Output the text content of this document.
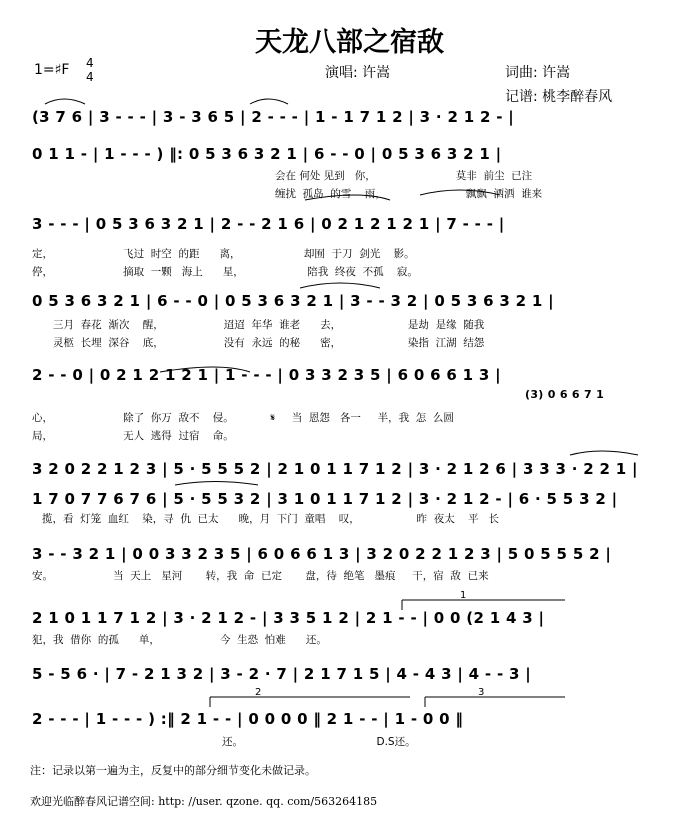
天龙八部之宿敌
1=♯F 4
4	演唱: 许嵩	词曲: 许嵩
记谱: 桃李醉春风
(3 7 6 | 3 - - - | 3 - 3 6 5 | 2 - - - | 1 - 1 7 1 2 | 3 · 2 1 2 - |
0 1 1 - | 1 - - - ) ‖: 0 5 3 6 3 2 1 | 6 - - 0 | 0 5 3 6 3 2 1 |
会在 何处 见到   你，                        莫非  前尘  已注
缠扰  孤岛  的雪    雨，                        飘飘  洒洒  谁来
3 - - - | 0 5 3 6 3 2 1 | 2 - - 2 1 6 | 0 2 1 2 1 2 1 | 7 - - - |
定，                     飞过  时空  的距      离，                   却囿  于刀  剑光    影。
停，                     摘取  一颗   海上      星，                   陪我  终夜  不孤    寂。
0 5 3 6 3 2 1 | 6 - - 0 | 0 5 3 6 3 2 1 | 3 - - 3 2 | 0 5 3 6 3 2 1 |
三月  春花  渐次    醒，                  迢迢  年华  谁老      去，                    是劫  是缘  随我
灵柩  长埋  深谷    底，                  没有  永远  的秘      密，                    染指  江湖  结怨
2 - - 0 | 0 2 1 2 1 2 1 | 1 - - - | 0 3 3 2 3 5 | 6 0 6 6 1 3 |
(3) 0 6 6 7 1
心，                     除了  你万  敌不    侵。           𝄋     当  恩怨   各一     半，我  怎  么圆
局，                     无人  逃得  过宿    命。
3 2 0 2 2 1 2 3 | 5 · 5 5 5 2 | 2 1 0 1 1 7 1 2 | 3 · 2 1 2 6 | 3 3 3 · 2 2 1 |
1 7 0 7 7 6 7 6 | 5 · 5 5 3 2 | 3 1 0 1 1 7 1 2 | 3 · 2 1 2 - | 6 · 5 5 3 2 |
揽，看  灯笼  血红    染，寻  仇  已太      晚，月  下门  童唱    叹，                 昨  夜太    平   长
3 - - 3 2 1 | 0 0 3 3 2 3 5 | 6 0 6 6 1 3 | 3 2 0 2 2 1 2 3 | 5 0 5 5 5 2 |
安。                  当  天上   星河       转，我  命  已定       盘，待  绝笔   墨痕     干，宿  敌  已来
2 1 0 1 1 7 1 2 | 3 · 2 1 2 - | 3 3 5 1 2 | 2 1 - - | 0 0 (2 1 4 3 |
犯，我  借你  的孤      单，                  今  生恐  怕难      还。
5 - 5 6 · | 7 - 2 1 3 2 | 3 - 2 · 7 | 2 1 7 1 5 | 4 - 4 3 | 4 - - 3 |
2 - - - | 1 - - - ) :‖ 2 1 - - | 0 0 0 0 ‖ 2 1 - - | 1 - 0 0 ‖
还。                                        D.S还。
注：记录以第一遍为主，反复中的部分细节变化未做记录。
欢迎光临醉春风记谱空间: http: //user. qzone. qq. com/563264185
1
2	3
